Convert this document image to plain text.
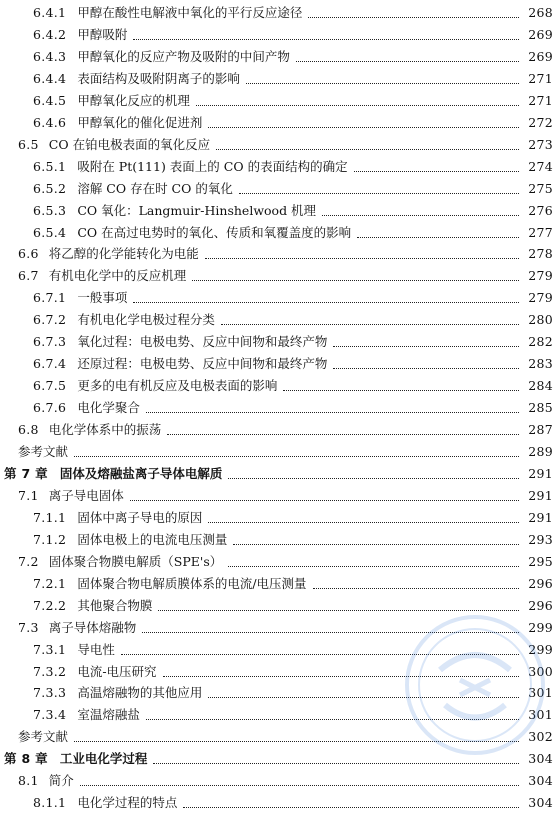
6.4.1 甲醇在酸性电解液中氧化的平行反应途径	268
6.4.2 甲醇吸附	269
6.4.3 甲醇氧化的反应产物及吸附的中间产物	269
6.4.4 表面结构及吸附阴离子的影响	271
6.4.5 甲醇氧化反应的机理	271
6.4.6 甲醇氧化的催化促进剂	272
6.5 CO 在铂电极表面的氧化反应	273
6.5.1 吸附在 Pt(111) 表面上的 CO 的表面结构的确定	274
6.5.2 溶解 CO 存在时 CO 的氧化	275
6.5.3 CO 氧化：Langmuir-Hinshelwood 机理	276
6.5.4 CO 在高过电势时的氧化、传质和氧覆盖度的影响	277
6.6 将乙醇的化学能转化为电能	278
6.7 有机电化学中的反应机理	279
6.7.1 一般事项	279
6.7.2 有机电化学电极过程分类	280
6.7.3 氧化过程：电极电势、反应中间物和最终产物	282
6.7.4 还原过程：电极电势、反应中间物和最终产物	283
6.7.5 更多的电有机反应及电极表面的影响	284
6.7.6 电化学聚合	285
6.8 电化学体系中的振荡	287
参考文献	289
第 7 章 固体及熔融盐离子导体电解质	291
7.1 离子导电固体	291
7.1.1 固体中离子导电的原因	291
7.1.2 固体电极上的电流电压测量	293
7.2 固体聚合物膜电解质（SPE's）	295
7.2.1 固体聚合物电解质膜体系的电流/电压测量	296
7.2.2 其他聚合物膜	296
7.3 离子导体熔融物	299
7.3.1 导电性	299
7.3.2 电流-电压研究	300
7.3.3 高温熔融物的其他应用	301
7.3.4 室温熔融盐	301
参考文献	302
第 8 章 工业电化学过程	304
8.1 简介	304
8.1.1 电化学过程的特点	304
